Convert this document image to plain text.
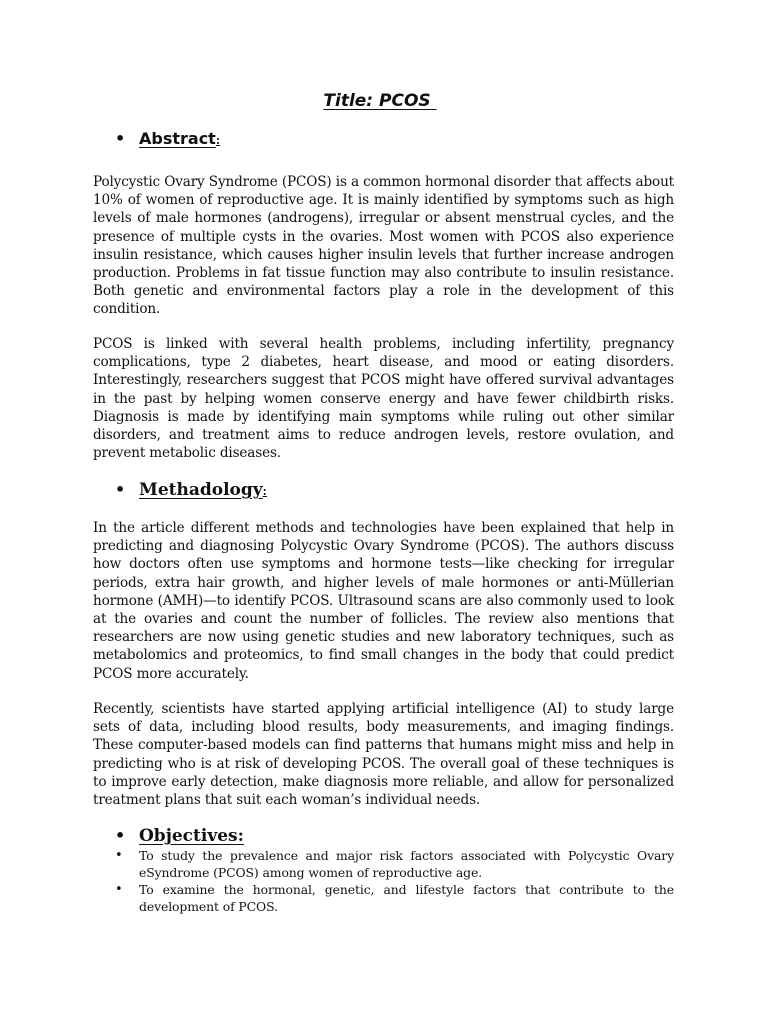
Title: PCOS
• Abstract :

Polycystic Ovary Syndrome (PCOS) is a common hormonal disorder that affects about 10% of women of reproductive age. It is mainly identified by symptoms such as high levels of male hormones (androgens), irregular or absent menstrual cycles, and the presence of multiple cysts in the ovaries. Most women with PCOS also experience insulin resistance, which causes higher insulin levels that further increase androgen production. Problems in fat tissue function may also contribute to insulin resistance. Both genetic and environmental factors play a role in the development of this condition.

PCOS is linked with several health problems, including infertility, pregnancy complications, type 2 diabetes, heart disease, and mood or eating disorders. Interestingly, researchers suggest that PCOS might have offered survival advantages in the past by helping women conserve energy and have fewer childbirth risks. Diagnosis is made by identifying main symptoms while ruling out other similar disorders, and treatment aims to reduce androgen levels, restore ovulation, and prevent metabolic diseases.

• Methadology :

In the article different methods and technologies have been explained that help in predicting and diagnosing Polycystic Ovary Syndrome (PCOS). The authors discuss how doctors often use symptoms and hormone tests—like checking for irregular periods, extra hair growth, and higher levels of male hormones or anti-Müllerian hormone (AMH)—to identify PCOS. Ultrasound scans are also commonly used to look at the ovaries and count the number of follicles. The review also mentions that researchers are now using genetic studies and new laboratory techniques, such as metabolomics and proteomics, to find small changes in the body that could predict PCOS more accurately.

Recently, scientists have started applying artificial intelligence (AI) to study large sets of data, including blood results, body measurements, and imaging findings. These computer-based models can find patterns that humans might miss and help in predicting who is at risk of developing PCOS. The overall goal of these techniques is to improve early detection, make diagnosis more reliable, and allow for personalized treatment plans that suit each woman’s individual needs.

• Objectives:
• To study the prevalence and major risk factors associated with Polycystic Ovary eSyndrome (PCOS) among women of reproductive age.
• To examine the hormonal, genetic, and lifestyle factors that contribute to the development of PCOS.
